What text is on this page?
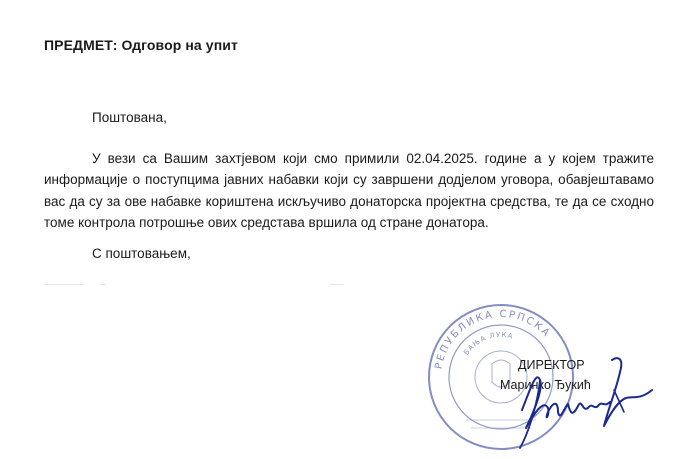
ПРЕДМЕТ: Одговор на упит
Поштована,

У вези са Вашим захтјевом који смо примили 02.04.2025. године а у којем тражите информације о поступцима јавних набавки који су завршени додјелом уговора, обавјештавамо вас да су за ове набавке кориштена искључиво донаторска пројектна средства, те да се сходно томе контрола потрошње ових средстава вршила од стране донатора.

С поштовањем,
РЕПУБЛИКА СРПСКА
БАЊА ЛУКА
ДИРЕКТОР
Маринко Ђукић
